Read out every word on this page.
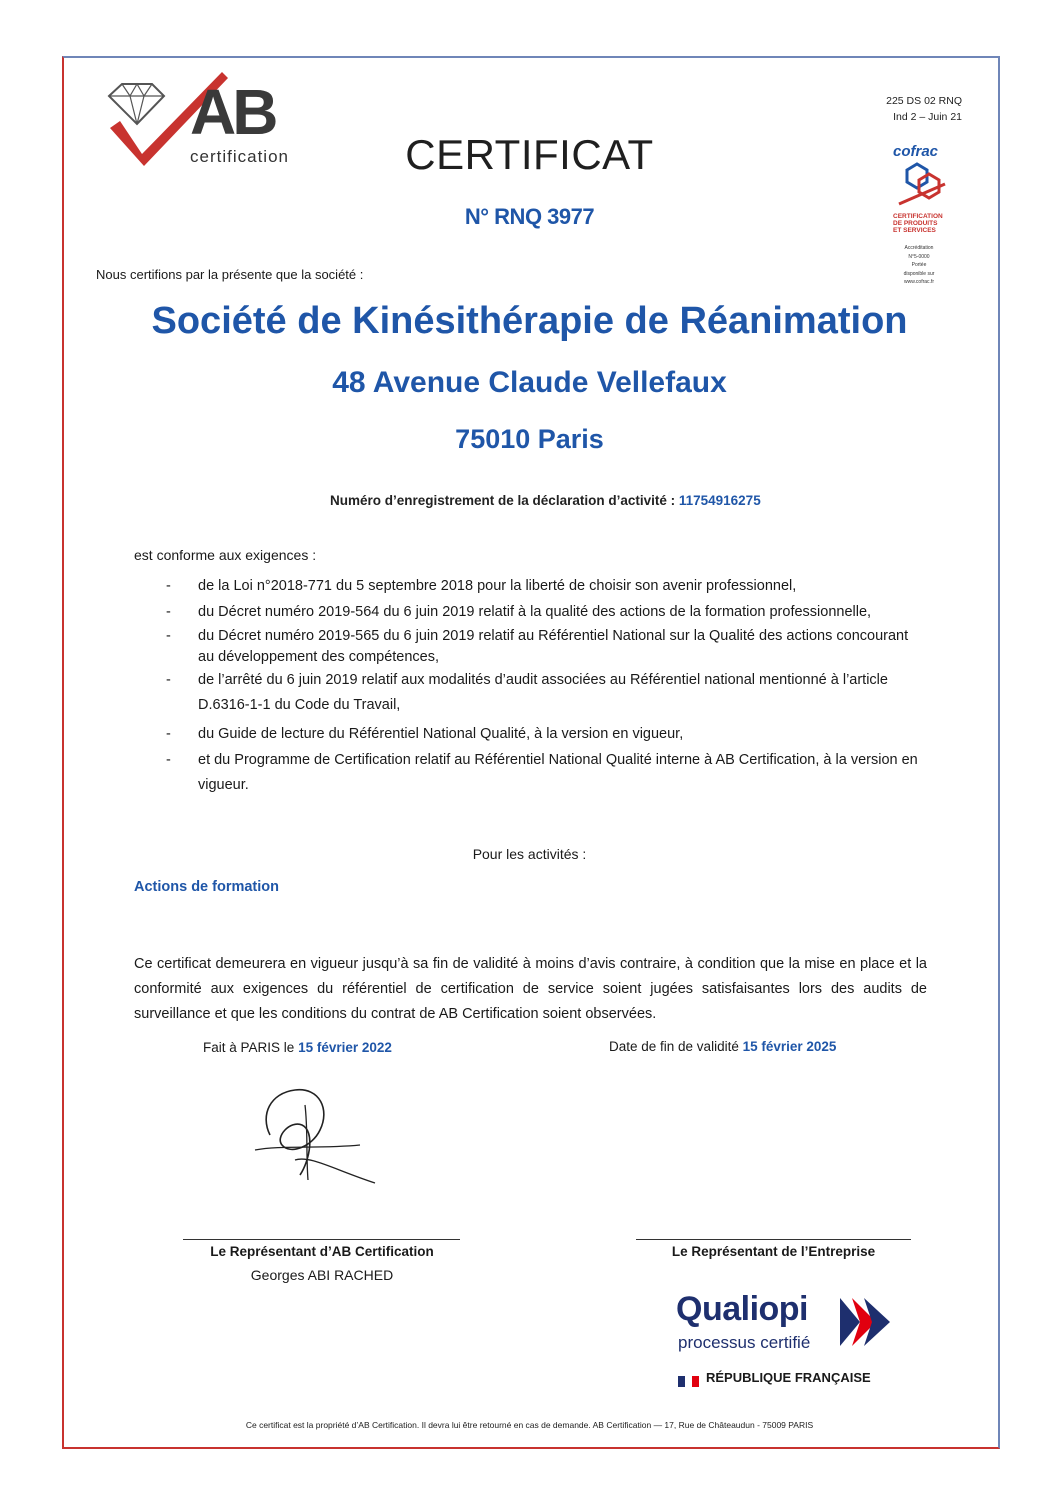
AB
certification
225 DS 02 RNQ
Ind 2 – Juin 21
cofrac
CERTIFICATION
DE PRODUITS
ET SERVICES
Accréditation
N°5-0000
Portée
disponible sur
www.cofrac.fr
CERTIFICAT
N° RNQ 3977
Nous certifions par la présente que la société :
Société de Kinésithérapie de Réanimation
48 Avenue Claude Vellefaux
75010 Paris
Numéro d’enregistrement de la déclaration d’activité : 11754916275
est conforme aux exigences :
- de la Loi n°2018-771 du 5 septembre 2018 pour la liberté de choisir son avenir professionnel,
- du Décret numéro 2019-564 du 6 juin 2019 relatif à la qualité des actions de la formation professionnelle,
- du Décret numéro 2019-565 du 6 juin 2019 relatif au Référentiel National sur la Qualité des actions concourant au développement des compétences,
- de l’arrêté du 6 juin 2019 relatif aux modalités d’audit associées au Référentiel national mentionné à l’article D.6316-1-1 du Code du Travail,
- du Guide de lecture du Référentiel National Qualité, à la version en vigueur,
- et du Programme de Certification relatif au Référentiel National Qualité interne à AB Certification, à la version en vigueur.
Pour les activités :
Actions de formation
Ce certificat demeurera en vigueur jusqu’à sa fin de validité à moins d’avis contraire, à condition que la mise en place et la conformité aux exigences du référentiel de certification de service soient jugées satisfaisantes lors des audits de surveillance et que les conditions du contrat de AB Certification soient observées.
Fait à PARIS le 15 février 2022	Date de fin de validité 15 février 2025
Le Représentant d’AB Certification
Georges ABI RACHED
Le Représentant de l’Entreprise
Qualiopi
processus certifié
RÉPUBLIQUE FRANÇAISE
Ce certificat est la propriété d’AB Certification. Il devra lui être retourné en cas de demande. AB Certification — 17, Rue de Châteaudun - 75009 PARIS
